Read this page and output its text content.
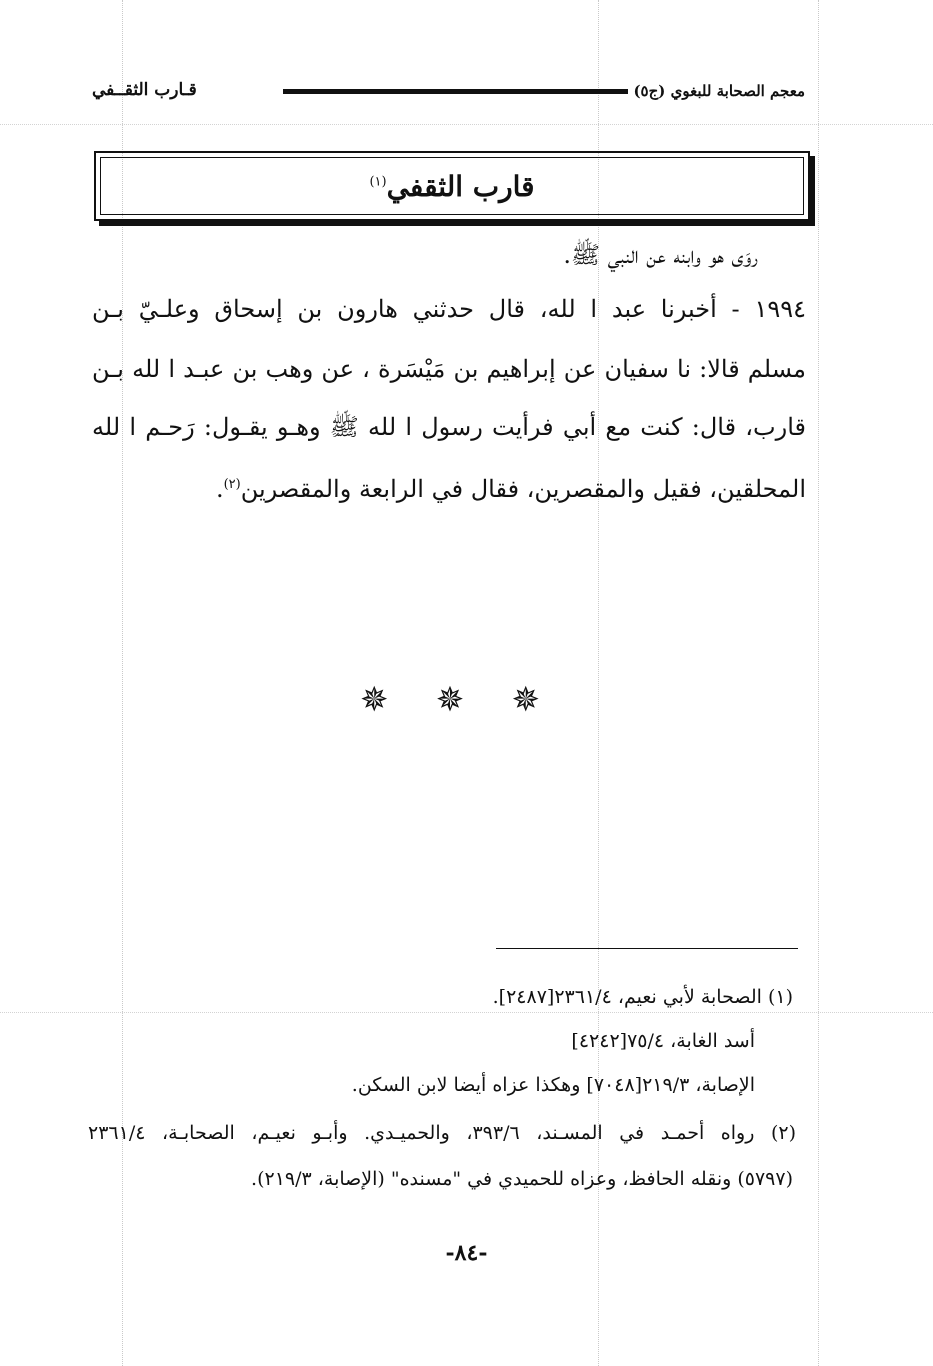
قـارب الثقــفي	معجم الصحابة للبغوي (ج٥)
قارب الثقفي$^{(١)}$
روَى هو وابنه عن النبي ﷺ.
١٩٩٤ - أخبرنا عبد ا لله، قال حدثني هارون بن إسحاق وعلـيّ بـن
مسلم قالا: نا سفيان عن إبراهيم بن مَيْسَرة ، عن وهب بن عبـد ا لله بـن
قارب، قال: كنت مع أبي فرأيت رسول ا لله ﷺ وهـو يقـول: رَحـم ا لله
المحلقين، فقيل والمقصرين، فقال في الرابعة والمقصرين$^{(٢)}$.
✵ ✵ ✵
(١) الصحابة لأبي نعيم، ٢٣٦١/٤[٢٤٨٧].
أسد الغابة، ٧٥/٤[٤٢٤٢]
الإصابة، ٢١٩/٣[٧٠٤٨] وهكذا عزاه أيضا لابن السكن.
(٢) رواه أحمـد في المسـند، ٣٩٣/٦، والحميـدي. وأبـو نعيـم، الصحابـة، ٢٣٦١/٤
(٥٧٩٧) ونقله الحافظ، وعزاه للحميدي في "مسنده" (الإصابة، ٢١٩/٣).
-٨٤-
